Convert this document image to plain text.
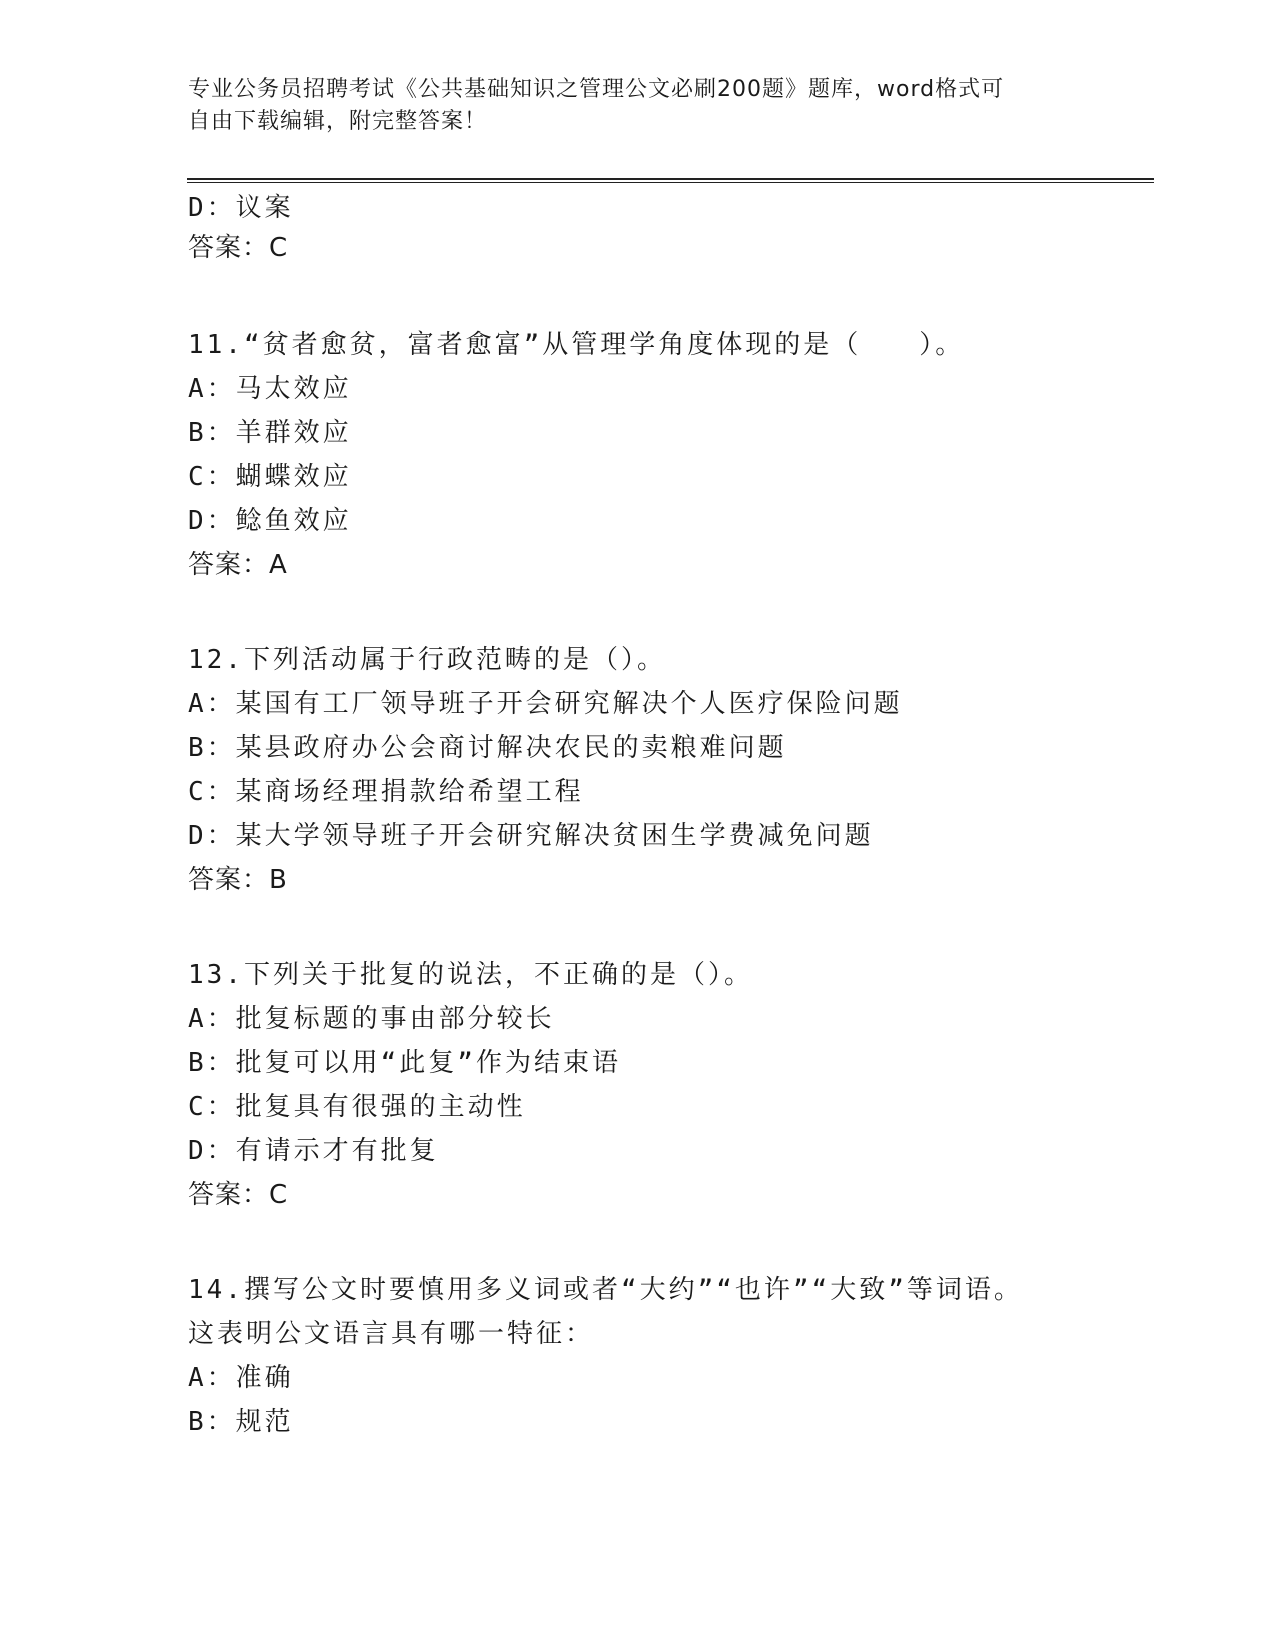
专业公务员招聘考试《公共基础知识之管理公文必刷200题》题库，word格式可
自由下载编辑，附完整答案！
D：议案
答案：C
11.“贫者愈贫，富者愈富”从管理学角度体现的是（　　）。
A：马太效应
B：羊群效应
C：蝴蝶效应
D：鲶鱼效应
答案：A
12.下列活动属于行政范畴的是（）。
A：某国有工厂领导班子开会研究解决个人医疗保险问题
B：某县政府办公会商讨解决农民的卖粮难问题
C：某商场经理捐款给希望工程
D：某大学领导班子开会研究解决贫困生学费减免问题
答案：B
13.下列关于批复的说法，不正确的是（）。
A：批复标题的事由部分较长
B：批复可以用“此复”作为结束语
C：批复具有很强的主动性
D：有请示才有批复
答案：C
14.撰写公文时要慎用多义词或者“大约”“也许”“大致”等词语。
这表明公文语言具有哪一特征：
A：准确
B：规范
